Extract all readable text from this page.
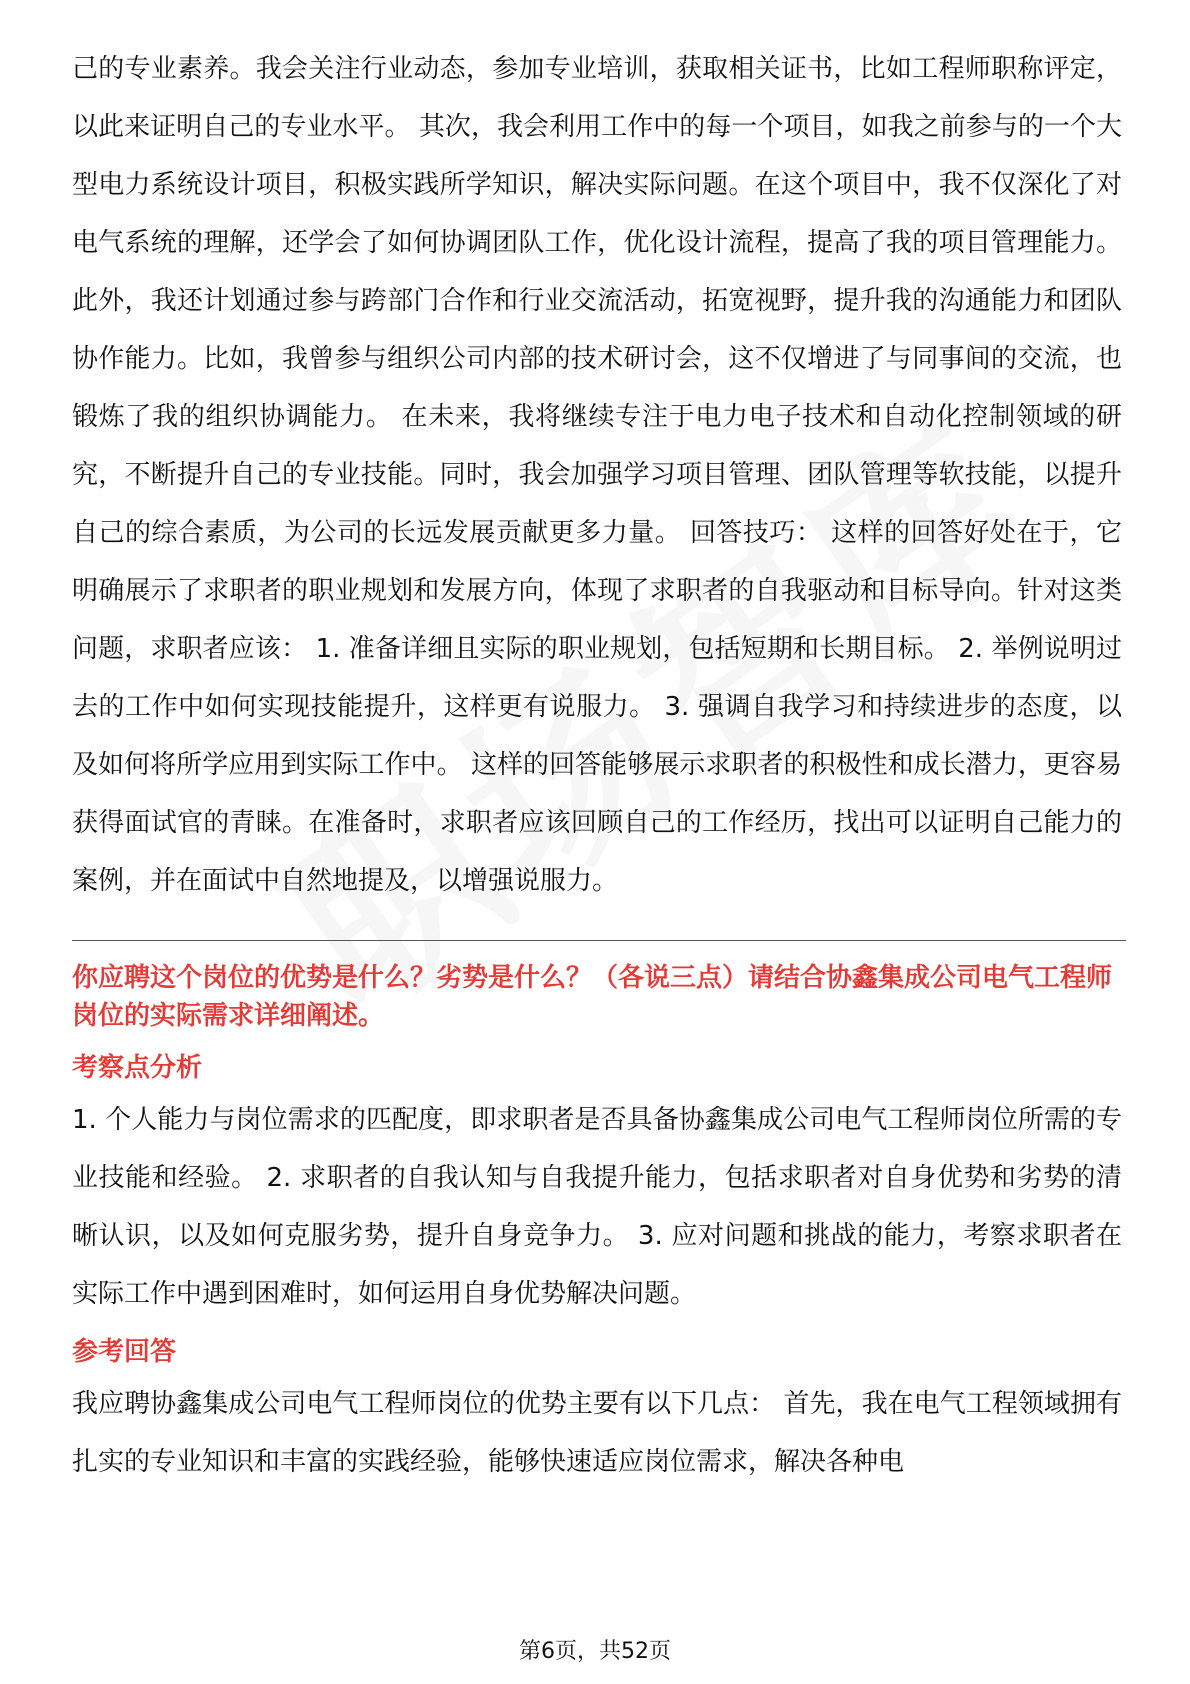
己的专业素养。我会关注行业动态，参加专业培训，获取相关证书，比如工程师职称评定，以此来证明自己的专业水平。 其次，我会利用工作中的每一个项目，如我之前参与的一个大型电力系统设计项目，积极实践所学知识，解决实际问题。在这个项目中，我不仅深化了对电气系统的理解，还学会了如何协调团队工作，优化设计流程，提高了我的项目管理能力。 此外，我还计划通过参与跨部门合作和行业交流活动，拓宽视野，提升我的沟通能力和团队协作能力。比如，我曾参与组织公司内部的技术研讨会，这不仅增进了与同事间的交流，也锻炼了我的组织协调能力。 在未来，我将继续专注于电力电子技术和自动化控制领域的研究，不断提升自己的专业技能。同时，我会加强学习项目管理、团队管理等软技能，以提升自己的综合素质，为公司的长远发展贡献更多力量。 回答技巧： 这样的回答好处在于，它明确展示了求职者的职业规划和发展方向，体现了求职者的自我驱动和目标导向。针对这类问题，求职者应该： 1. 准备详细且实际的职业规划，包括短期和长期目标。 2. 举例说明过去的工作中如何实现技能提升，这样更有说服力。 3. 强调自我学习和持续进步的态度，以及如何将所学应用到实际工作中。 这样的回答能够展示求职者的积极性和成长潜力，更容易获得面试官的青睐。在准备时，求职者应该回顾自己的工作经历，找出可以证明自己能力的案例，并在面试中自然地提及，以增强说服力。

你应聘这个岗位的优势是什么？劣势是什么？（各说三点）请结合协鑫集成公司电气工程师岗位的实际需求详细阐述。

考察点分析

1. 个人能力与岗位需求的匹配度，即求职者是否具备协鑫集成公司电气工程师岗位所需的专业技能和经验。 2. 求职者的自我认知与自我提升能力，包括求职者对自身优势和劣势的清晰认识，以及如何克服劣势，提升自身竞争力。 3. 应对问题和挑战的能力，考察求职者在实际工作中遇到困难时，如何运用自身优势解决问题。

参考回答

我应聘协鑫集成公司电气工程师岗位的优势主要有以下几点： 首先，我在电气工程领域拥有扎实的专业知识和丰富的实践经验，能够快速适应岗位需求，解决各种电

第6页，共52页
